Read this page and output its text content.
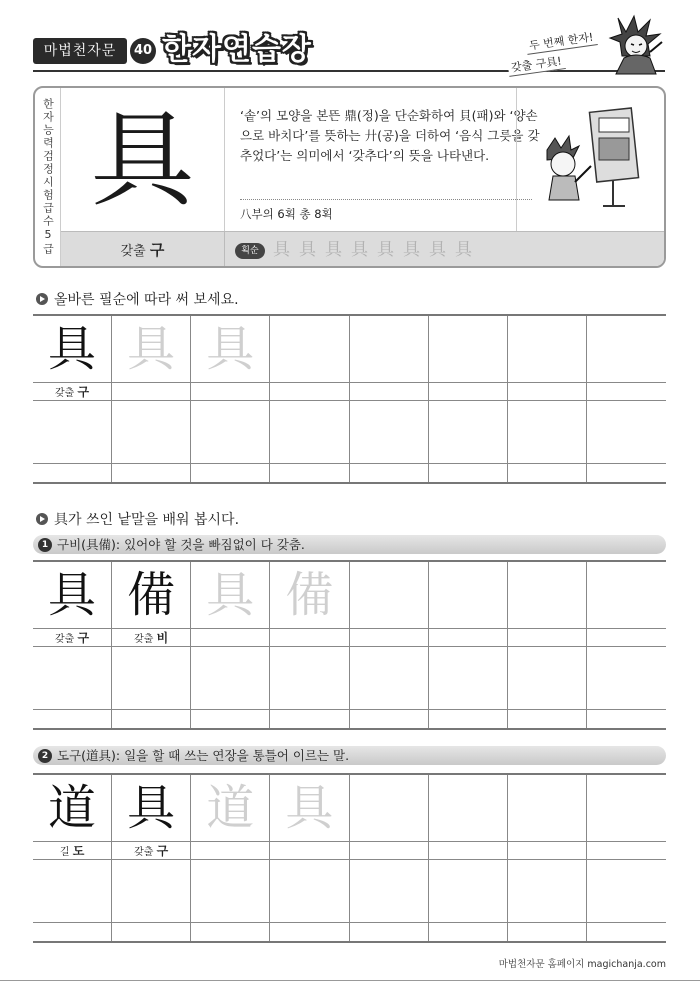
마법천자문	40 한자연습장	두 번째 한자!
갖출 구具!
한자능력검정시험급수5급 具	‘솥’의 모양을 본뜬 鼎(정)을 단순화하여 貝(패)와 ‘양손으로 바치다’를 뜻하는 廾(공)을 더하여 ‘음식 그릇을 갖추었다’는 의미에서 ‘갖추다’의 뜻을 나타낸다.
八부의 6획 총 8획
갖출 구	획순 具具具具具具具具
올바른 필순에 따라 써 보세요.
具 具 具
갖출 구
具가 쓰인 낱말을 배워 봅시다.
1 구비(具備): 있어야 할 것을 빠짐없이 다 갖춤.
具 備 具 備
갖출 구	갖출 비
2 도구(道具): 일을 할 때 쓰는 연장을 통틀어 이르는 말.
道 具 道 具
길 도	갖출 구
마법천자문 홈페이지 magichanja.com
